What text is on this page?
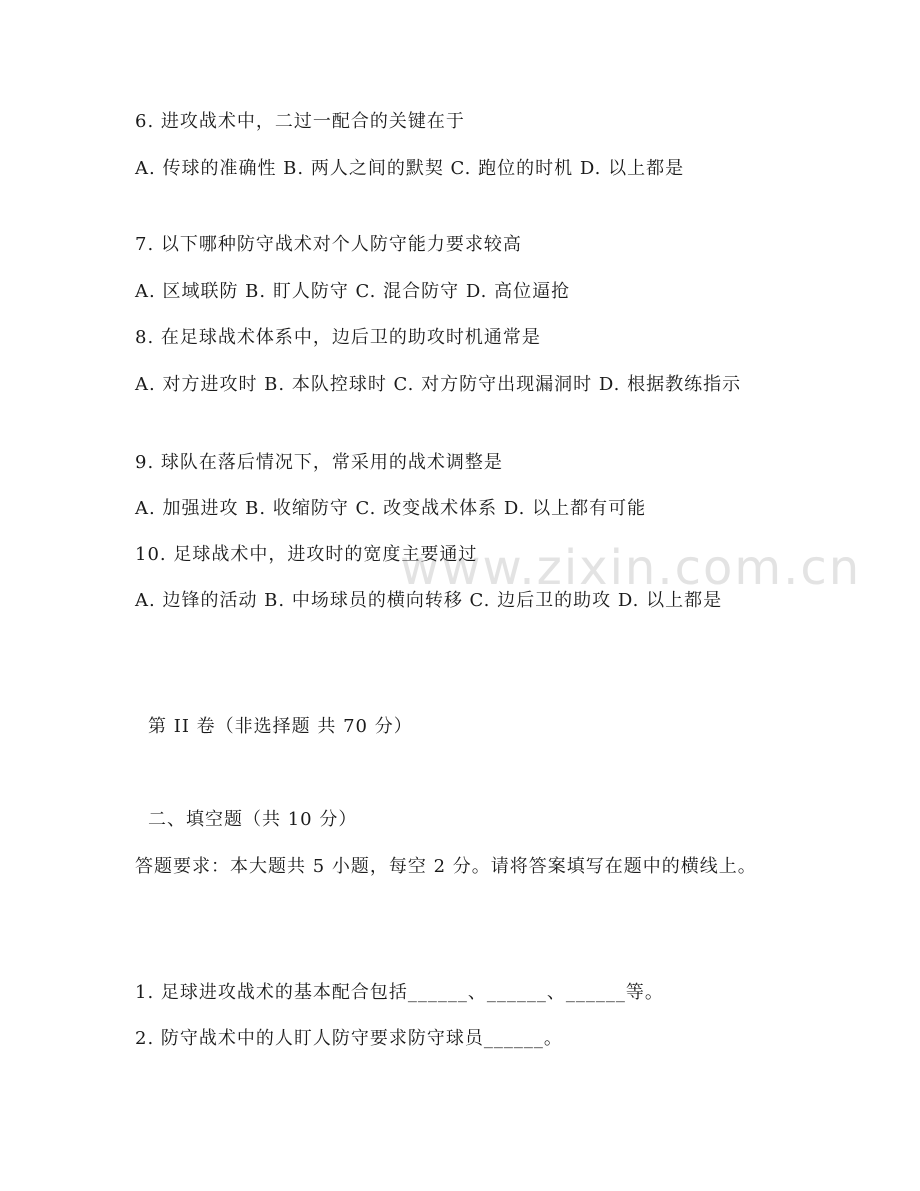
www.zixin.com.cn
6. 进攻战术中，二过一配合的关键在于
A. 传球的准确性 B. 两人之间的默契 C. 跑位的时机 D. 以上都是
7. 以下哪种防守战术对个人防守能力要求较高
A. 区域联防 B. 盯人防守 C. 混合防守 D. 高位逼抢
8. 在足球战术体系中，边后卫的助攻时机通常是
A. 对方进攻时 B. 本队控球时 C. 对方防守出现漏洞时 D. 根据教练指示
9. 球队在落后情况下，常采用的战术调整是
A. 加强进攻 B. 收缩防守 C. 改变战术体系 D. 以上都有可能
10. 足球战术中，进攻时的宽度主要通过
A. 边锋的活动 B. 中场球员的横向转移 C. 边后卫的助攻 D. 以上都是
第 II 卷（非选择题 共 70 分）
二、填空题（共 10 分）
答题要求：本大题共 5 小题，每空 2 分。请将答案填写在题中的横线上。
1. 足球进攻战术的基本配合包括______、______、______等。
2. 防守战术中的人盯人防守要求防守球员______。
